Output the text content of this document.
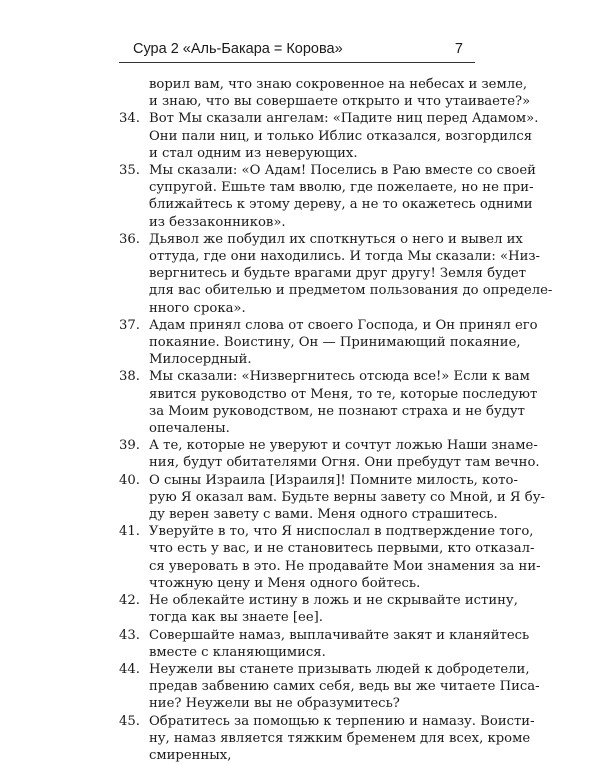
Сура 2 «Аль-Бакара = Корова»	7
ворил вам, что знаю сокровенное на небесах и земле,
и знаю, что вы совершаете открыто и что утаиваете?»
34. Вот Мы сказали ангелам: «Падите ниц перед Адамом».
Они пали ниц, и только Иблис отказался, возгордился
и стал одним из неверующих.
35. Мы сказали: «О Адам! Поселись в Раю вместе со своей
супругой. Ешьте там вволю, где пожелаете, но не при-
ближайтесь к этому дереву, а не то окажетесь одними
из беззаконников».
36. Дьявол же побудил их споткнуться о него и вывел их
оттуда, где они находились. И тогда Мы сказали: «Низ-
вергнитесь и будьте врагами друг другу! Земля будет
для вас обителью и предметом пользования до определе-
нного срока».
37. Адам принял слова от своего Господа, и Он принял его
покаяние. Воистину, Он — Принимающий покаяние,
Милосердный.
38. Мы сказали: «Низвергнитесь отсюда все!» Если к вам
явится руководство от Меня, то те, которые последуют
за Моим руководством, не познают страха и не будут
опечалены.
39. А те, которые не уверуют и сочтут ложью Наши знаме-
ния, будут обитателями Огня. Они пребудут там вечно.
40. О сыны Израила [Израиля]! Помните милость, кото-
рую Я оказал вам. Будьте верны завету со Мной, и Я бу-
ду верен завету с вами. Меня одного страшитесь.
41. Уверуйте в то, что Я ниспослал в подтверждение того,
что есть у вас, и не становитесь первыми, кто отказал-
ся уверовать в это. Не продавайте Мои знамения за ни-
чтожную цену и Меня одного бойтесь.
42. Не облекайте истину в ложь и не скрывайте истину,
тогда как вы знаете [ее].
43. Совершайте намаз, выплачивайте закят и кланяйтесь
вместе с кланяющимися.
44. Неужели вы станете призывать людей к добродетели,
предав забвению самих себя, ведь вы же читаете Писа-
ние? Неужели вы не образумитесь?
45. Обратитесь за помощью к терпению и намазу. Воисти-
ну, намаз является тяжким бременем для всех, кроме
смиренных,
